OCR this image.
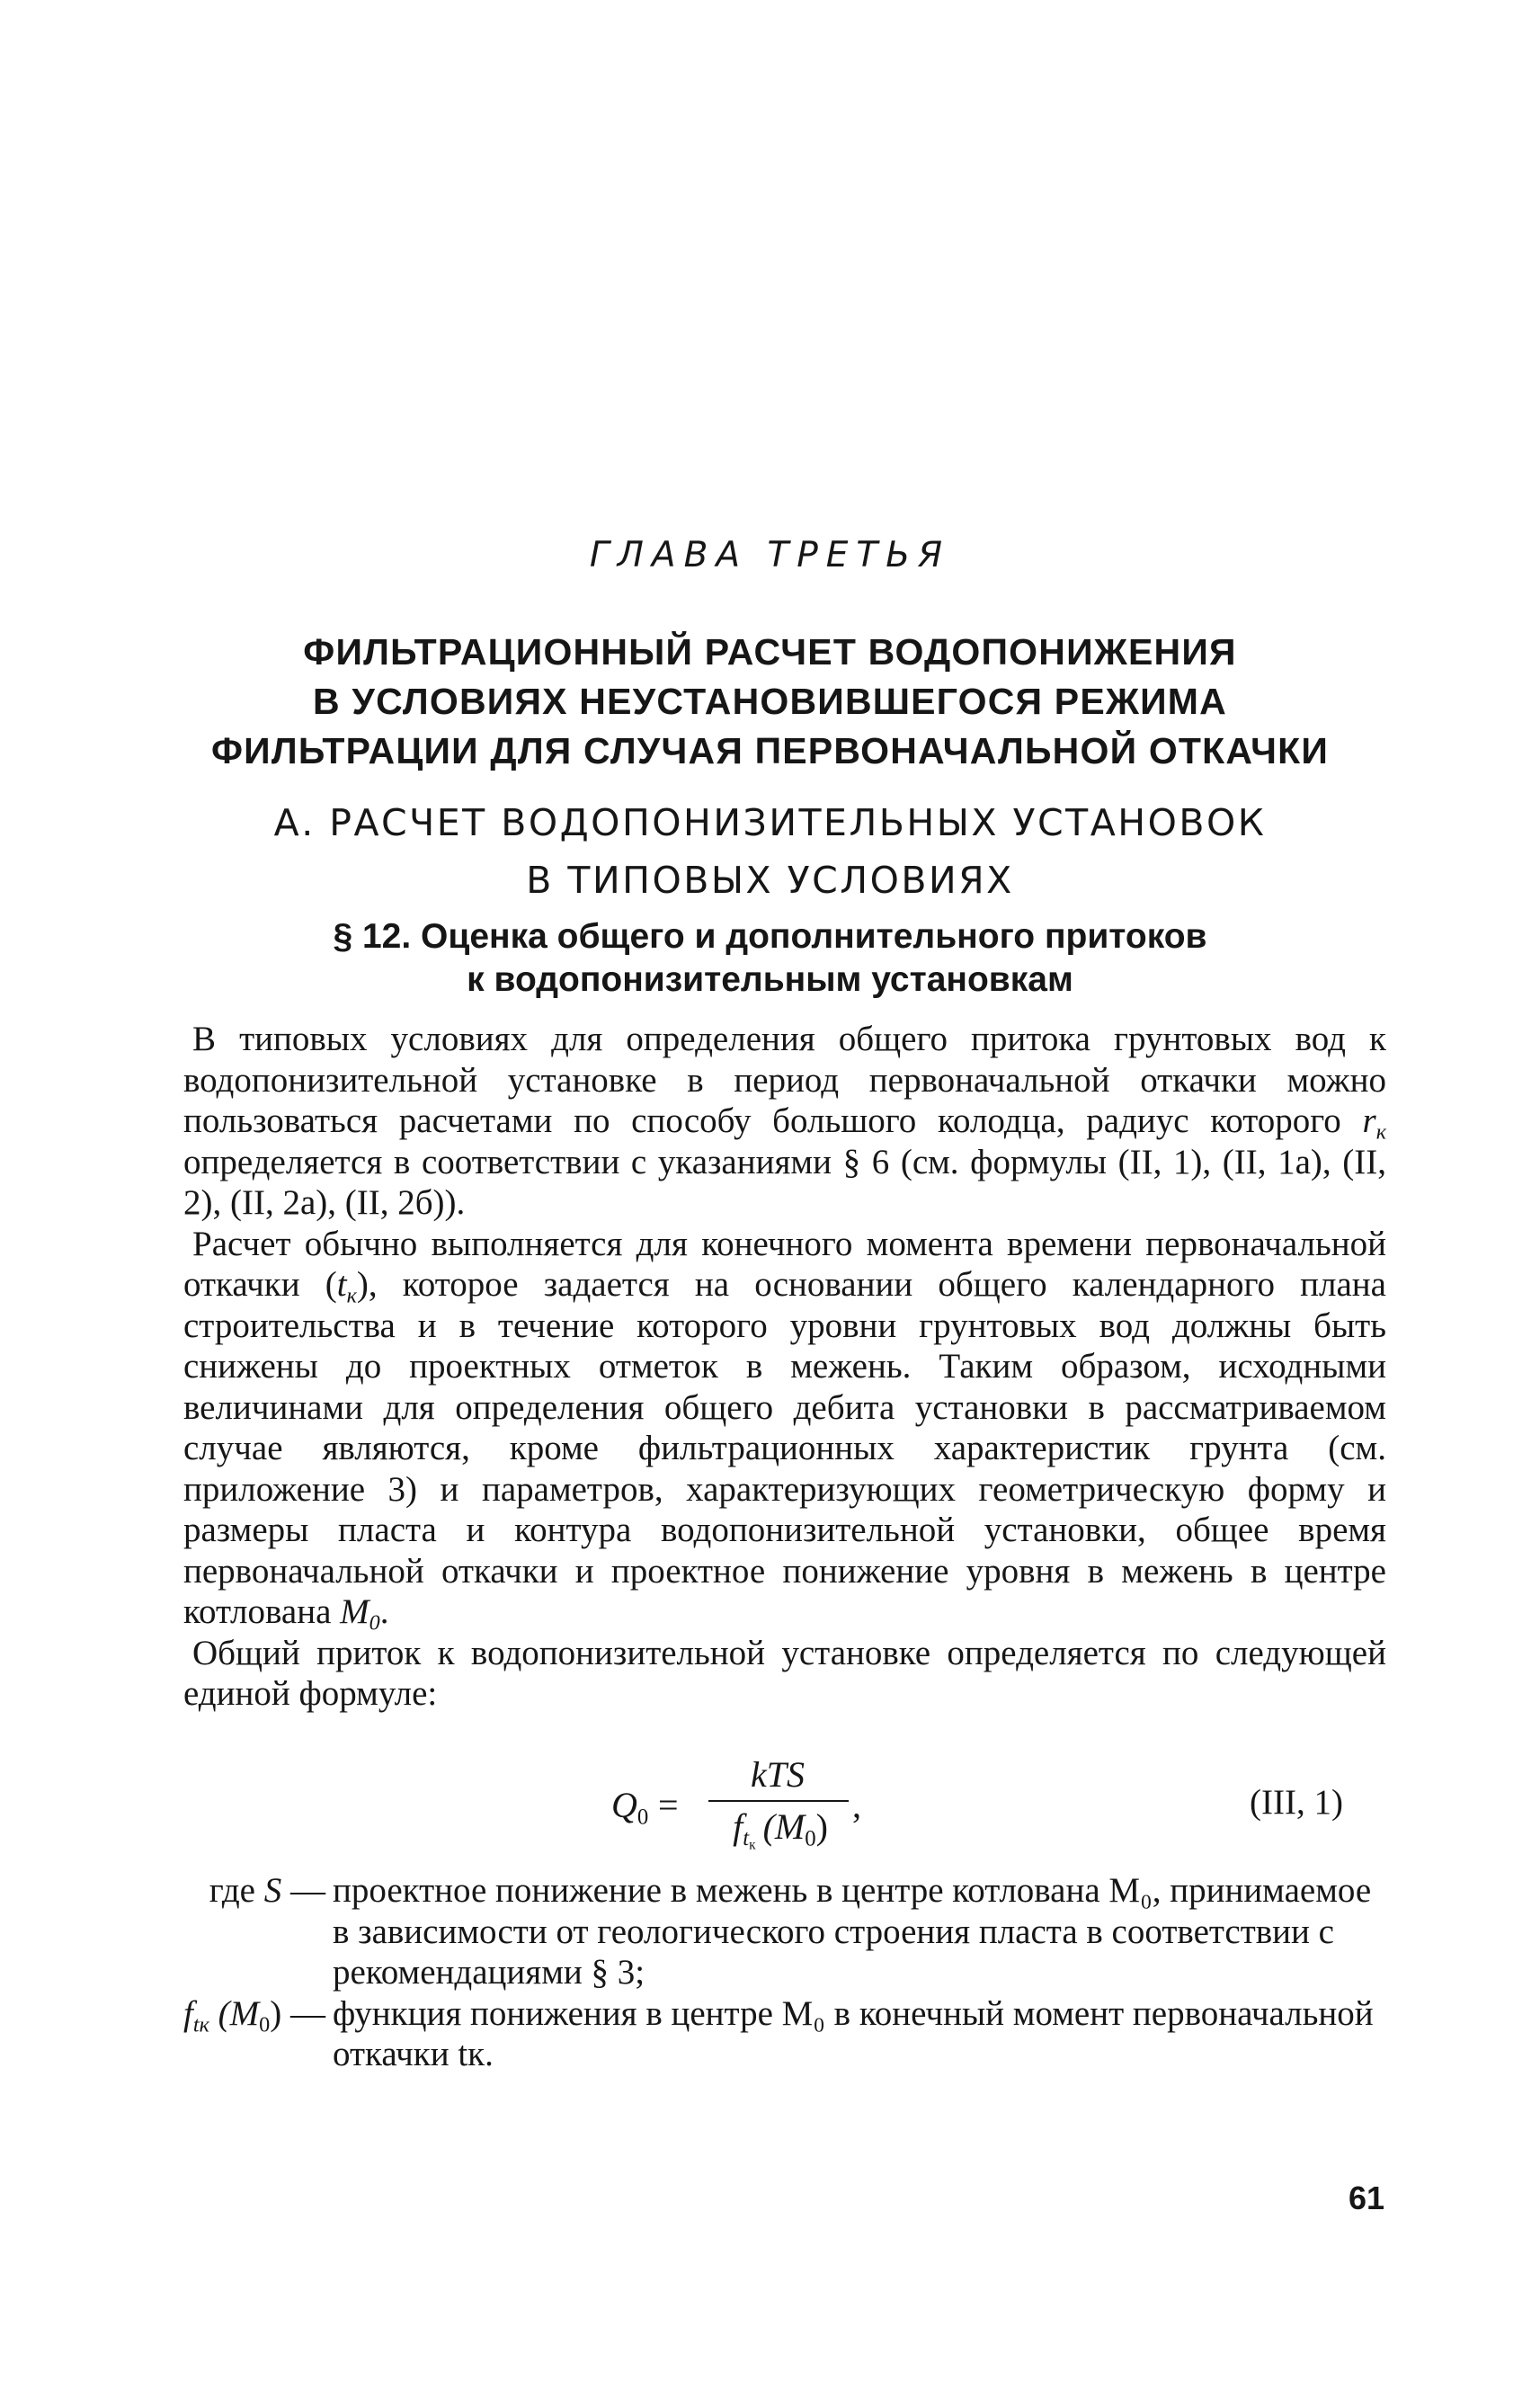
ГЛАВА ТРЕТЬЯ
ФИЛЬТРАЦИОННЫЙ РАСЧЕТ ВОДОПОНИЖЕНИЯ
В УСЛОВИЯХ НЕУСТАНОВИВШЕГОСЯ РЕЖИМА
ФИЛЬТРАЦИИ ДЛЯ СЛУЧАЯ ПЕРВОНАЧАЛЬНОЙ ОТКАЧКИ
А. РАСЧЕТ ВОДОПОНИЗИТЕЛЬНЫХ УСТАНОВОК
В ТИПОВЫХ УСЛОВИЯХ
§ 12. Оценка общего и дополнительного притоков
к водопонизительным установкам

В типовых условиях для определения общего притока грунтовых вод к водопонизительной установке в период первоначальной откачки можно пользоваться расчетами по способу большого колодца, радиус которого $r_к$ определяется в соответствии с указаниями § 6 (см. формулы (II, 1), (II, 1а), (II, 2), (II, 2а), (II, 2б)).

Расчет обычно выполняется для конечного момента времени первоначальной откачки $(t_к)$, которое задается на основании общего календарного плана строительства и в течение которого уровни грунтовых вод должны быть снижены до проектных отметок в межень. Таким образом, исходными величинами для определения общего дебита установки в рассматриваемом случае являются, кроме фильтрационных характеристик грунта (см. приложение 3) и параметров, характеризующих геометрическую форму и размеры пласта и контура водопонизительной установки, общее время первоначальной откачки и проектное понижение уровня в межень в центре котлована $M_0$.

Общий приток к водопонизительной установке определяется по следующей единой формуле:

$Q_0$ =
kTS
$f_{t_к}$  $(M_0)$
,	(III, 1)
где S — проектное понижение в межень в центре котлована M₀, принимаемое в зависимости от геологического строения пласта в соответствии с рекомендациями § 3;
$f_{tк}$ $(M_0)$ — функция понижения в центре M₀ в конечный момент первоначальной откачки tк.
61
